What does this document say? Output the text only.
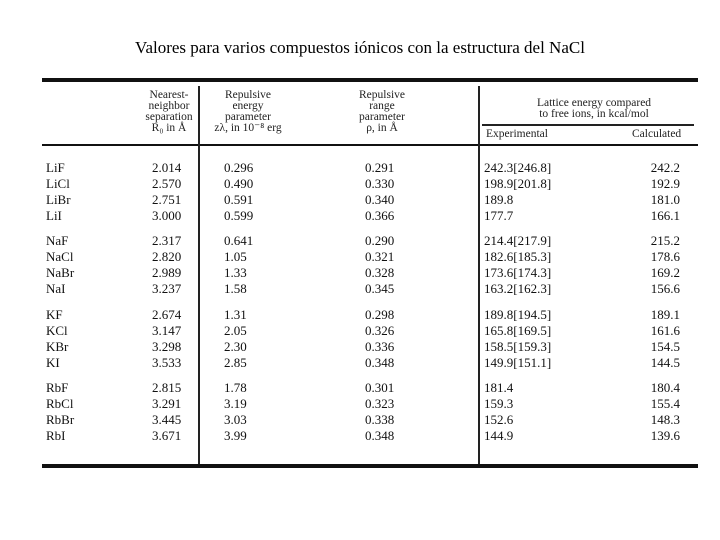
Valores para varios compuestos iónicos con la estructura del NaCl
Nearest-
neighbor
separation
R₀ in Å
Repulsive
energy
parameter
zλ, in 10⁻⁸ erg
Repulsive
range
parameter
ρ, in Å
Lattice energy compared
to free ions, in kcal/mol
Experimental	Calculated
LiF	2.014	0.296	0.291	242.3[246.8]	242.2
LiCl	2.570	0.490	0.330	198.9[201.8]	192.9
LiBr	2.751	0.591	0.340	189.8	181.0
LiI	3.000	0.599	0.366	177.7	166.1
NaF	2.317	0.641	0.290	214.4[217.9]	215.2
NaCl	2.820	1.05	0.321	182.6[185.3]	178.6
NaBr	2.989	1.33	0.328	173.6[174.3]	169.2
NaI	3.237	1.58	0.345	163.2[162.3]	156.6
KF	2.674	1.31	0.298	189.8[194.5]	189.1
KCl	3.147	2.05	0.326	165.8[169.5]	161.6
KBr	3.298	2.30	0.336	158.5[159.3]	154.5
KI	3.533	2.85	0.348	149.9[151.1]	144.5
RbF	2.815	1.78	0.301	181.4	180.4
RbCl	3.291	3.19	0.323	159.3	155.4
RbBr	3.445	3.03	0.338	152.6	148.3
RbI	3.671	3.99	0.348	144.9	139.6
